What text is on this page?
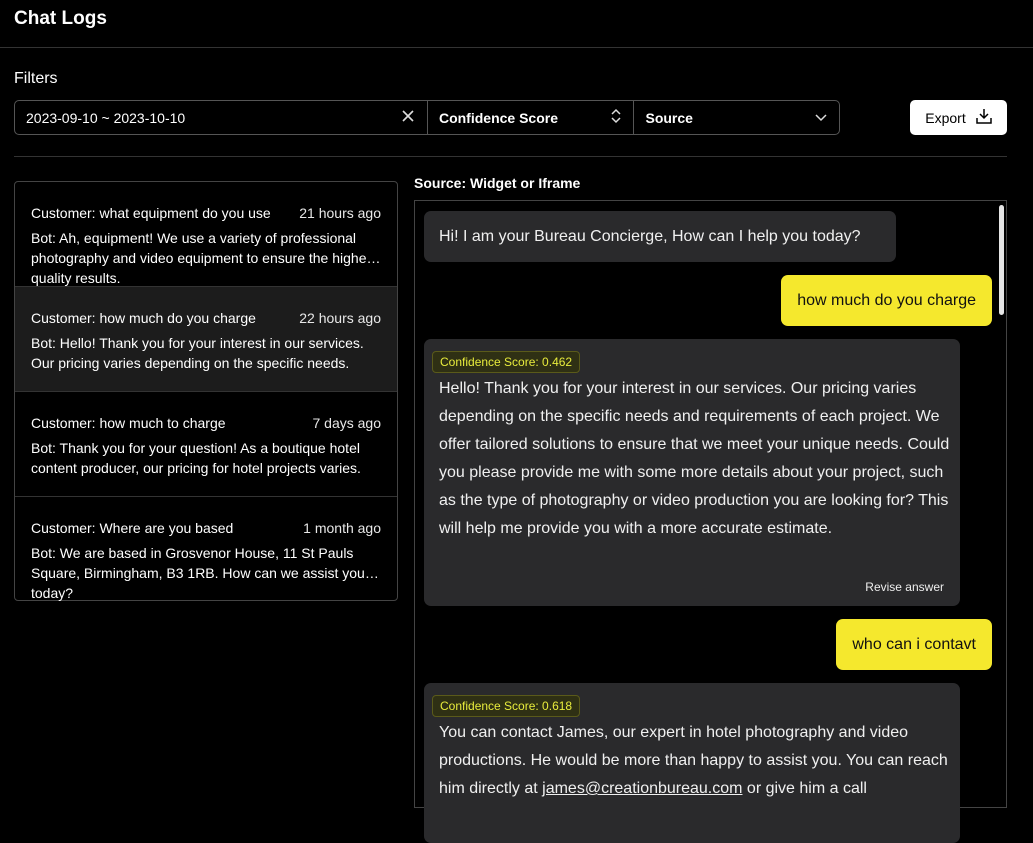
Chat Logs
Filters
2023-09-10 ~ 2023-10-10	Confidence Score	Source	Export
Customer: what equipment do you use 21 hours ago
Bot: Ah, equipment! We use a variety of professional photography and video equipment to ensure the highest quality results.
Customer: how much do you charge	22 hours ago
Bot: Hello! Thank you for your interest in our services. Our pricing varies depending on the specific needs.
Customer: how much to charge	7 days ago
Bot: Thank you for your question! As a boutique hotel content producer, our pricing for hotel projects varies.
Customer: Where are you based	1 month ago
Bot: We are based in Grosvenor House, 11 St Pauls Square, Birmingham, B3 1RB. How can we assist you today?
Source: Widget or Iframe
Hi! I am your Bureau Concierge, How can I help you today?
how much do you charge
Confidence Score: 0.462
Hello! Thank you for your interest in our services. Our pricing varies depending on the specific needs and requirements of each project. We offer tailored solutions to ensure that we meet your unique needs. Could you please provide me with some more details about your project, such as the type of photography or video production you are looking for? This will help me provide you with a more accurate estimate.
Revise answer
who can i contavt
Confidence Score: 0.618
You can contact James, our expert in hotel photography and video productions. He would be more than happy to assist you. You can reach him directly at james@creationbureau.com or give him a call
